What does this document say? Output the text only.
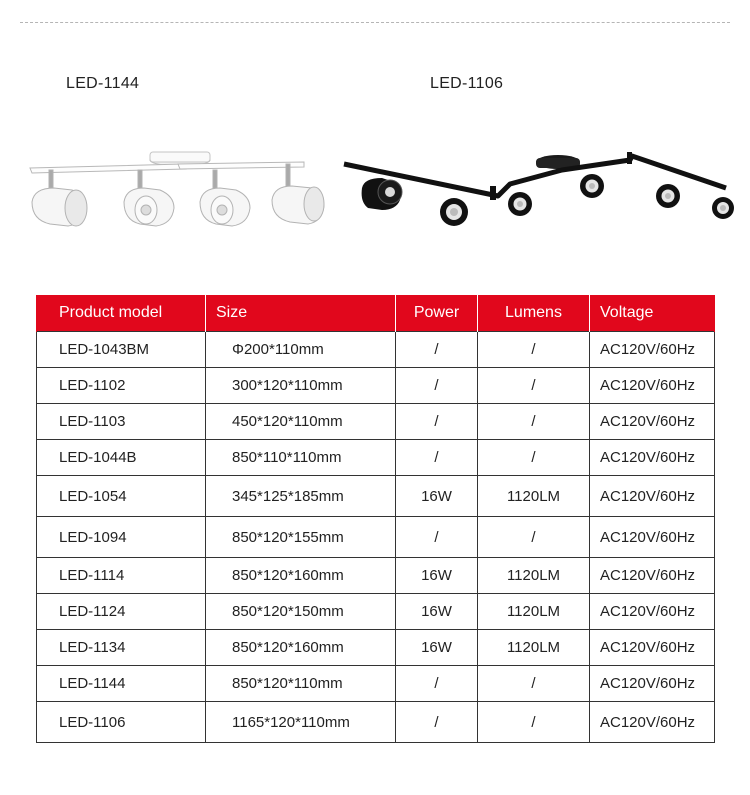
LED-1144	LED-1106
Product model	Size	Power	Lumens	Voltage
LED-1043BM	Φ200*110mm	/	/	AC120V/60Hz
LED-1102	300*120*110mm	/	/	AC120V/60Hz
LED-1103	450*120*110mm	/	/	AC120V/60Hz
LED-1044B	850*110*110mm	/	/	AC120V/60Hz
LED-1054	345*125*185mm	16W	1120LM	AC120V/60Hz
LED-1094	850*120*155mm	/	/	AC120V/60Hz
LED-1114	850*120*160mm	16W	1120LM	AC120V/60Hz
LED-1124	850*120*150mm	16W	1120LM	AC120V/60Hz
LED-1134	850*120*160mm	16W	1120LM	AC120V/60Hz
LED-1144	850*120*110mm	/	/	AC120V/60Hz
LED-1106	1165*120*110mm	/	/	AC120V/60Hz
